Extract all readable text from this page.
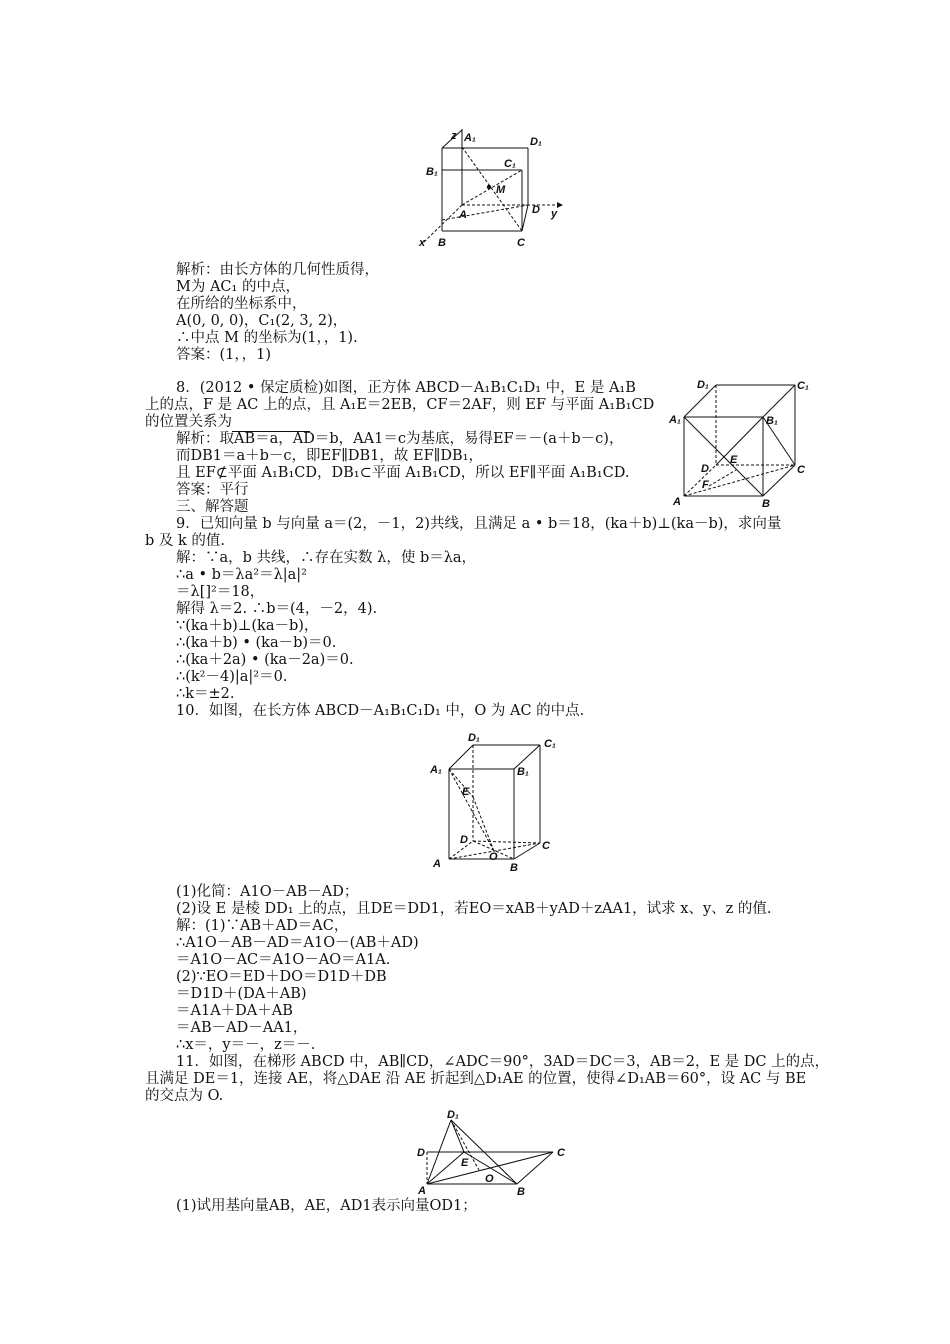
z A₁	D₁
B₁
C₁
M
A	D y
x B	C
D₁	C₁
A₁	B₁
E
D	C
F
A	B
D₁	C₁
A₁	B₁
E
D	C
A
O
B
D₁
D
E
C
A
O
B
解析：由长方体的几何性质得，
M为 AC₁ 的中点，
在所给的坐标系中，
A(0, 0, 0)，C₁(2, 3, 2)，
∴中点 M 的坐标为(1，，1).
答案：(1，，1)
8．(2012 • 保定质检)如图，正方体 ABCD－A₁B₁C₁D₁ 中，E 是 A₁B
上的点，F 是 AC 上的点，且 A₁E＝2EB，CF＝2AF，则 EF 与平面 A₁B₁CD
的位置关系为
解析：取AB＝a，AD＝b，AA1＝c为基底，易得EF＝－(a＋b－c)，
而DB1＝a＋b－c，即EF∥DB1，故 EF∥DB₁，
且 EF⊄平面 A₁B₁CD，DB₁⊂平面 A₁B₁CD，所以 EF∥平面 A₁B₁CD.
答案：平行
三、解答题
9．已知向量 b 与向量 a＝(2，－1，2)共线，且满足 a • b＝18，(ka＋b)⊥(ka－b)，求向量
b 及 k 的值.
解：∵a，b 共线，∴存在实数 λ，使 b＝λa，
∴a • b＝λa²＝λ|a|²
＝λ[]²＝18，
解得 λ＝2. ∴b＝(4，－2，4).
∵(ka＋b)⊥(ka－b)，
∴(ka＋b) • (ka－b)＝0.
∴(ka＋2a) • (ka－2a)＝0.
∴(k²－4)|a|²＝0.
∴k＝±2.
10．如图，在长方体 ABCD－A₁B₁C₁D₁ 中，O 为 AC 的中点.
(1)化简：A1O－AB－AD；
(2)设 E 是棱 DD₁ 上的点，且DE＝DD1，若EO＝xAB＋yAD＋zAA1，试求 x、y、z 的值.
解：(1)∵AB＋AD＝AC，
∴A1O－AB－AD＝A1O－(AB＋AD)
＝A1O－AC＝A1O－AO＝A1A.
(2)∵EO＝ED＋DO＝D1D＋DB
＝D1D＋(DA＋AB)
＝A1A＋DA＋AB
＝AB－AD－AA1，
∴x＝，y＝－，z＝－.
11．如图，在梯形 ABCD 中，AB∥CD，∠ADC＝90°，3AD＝DC＝3，AB＝2，E 是 DC 上的点，
且满足 DE＝1，连接 AE，将△DAE 沿 AE 折起到△D₁AE 的位置，使得∠D₁AB＝60°，设 AC 与 BE
的交点为 O.
(1)试用基向量AB，AE，AD1表示向量OD1；
